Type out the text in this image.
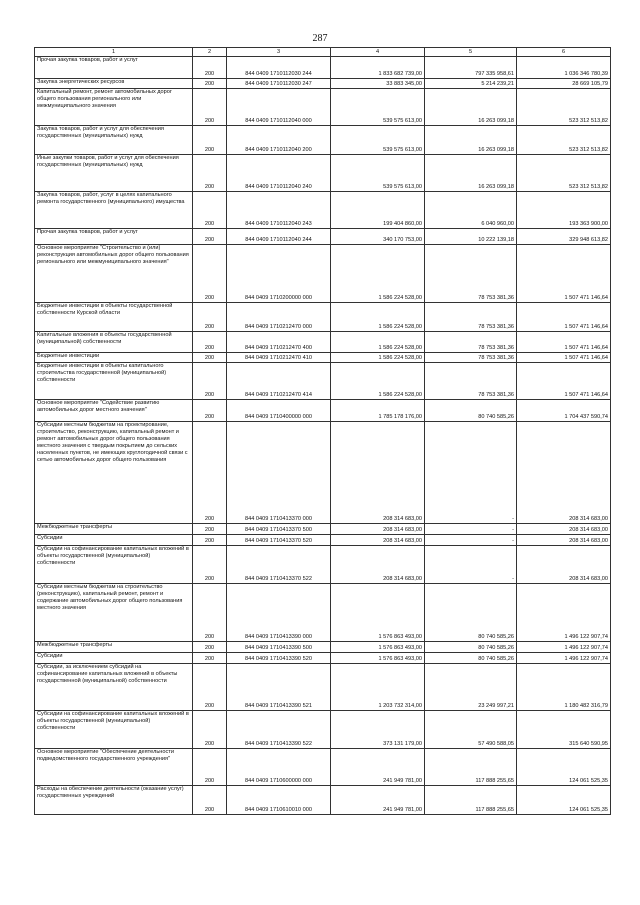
287
1	2	3	4	5	6
Прочая закупка товаров, работ и услуг	200	844 0409 1710112030 244	1 833 682 739,00	797 335 958,61	1 036 346 780,39
Закупка энергетических ресурсов	200	844 0409 1710112030 247	33 883 345,00	5 214 239,21	28 669 105,79
Капитальный ремонт, ремонт автомобильных дорог общего пользования регионального или межмуниципального значения	200	844 0409 1710112040 000	539 575 613,00	16 263 099,18	523 312 513,82
Закупка товаров, работ и услуг для обеспечения государственных (муниципальных) нужд	200	844 0409 1710112040 200	539 575 613,00	16 263 099,18	523 312 513,82
Иные закупки товаров, работ и услуг для обеспечения государственных (муниципальных) нужд	200	844 0409 1710112040 240	539 575 613,00	16 263 099,18	523 312 513,82
Закупка товаров, работ, услуг в целях капитального ремонта государственного (муниципального) имущества	200	844 0409 1710112040 243	199 404 860,00	6 040 960,00	193 363 900,00
Прочая закупка товаров, работ и услуг	200	844 0409 1710112040 244	340 170 753,00	10 222 139,18	329 948 613,82
Основное мероприятие "Строительство и (или) реконструкция автомобильных дорог общего пользования регионального или межмуниципального значения"	200	844 0409 1710200000 000	1 586 224 528,00	78 753 381,36	1 507 471 146,64
Бюджетные инвестиции в объекты государственной собственности Курской области	200	844 0409 1710212470 000	1 586 224 528,00	78 753 381,36	1 507 471 146,64
Капитальные вложения в объекты государственной (муниципальной) собственности	200	844 0409 1710212470 400	1 586 224 528,00	78 753 381,36	1 507 471 146,64
Бюджетные инвестиции	200	844 0409 1710212470 410	1 586 224 528,00	78 753 381,36	1 507 471 146,64
Бюджетные инвестиции в объекты капитального строительства государственной (муниципальной) собственности	200	844 0409 1710212470 414	1 586 224 528,00	78 753 381,36	1 507 471 146,64
Основное мероприятие "Содействие развитию автомобильных дорог местного значения"	200	844 0409 1710400000 000	1 785 178 176,00	80 740 585,26	1 704 437 590,74
Субсидии местным бюджетам на проектирование, строительство, реконструкцию, капитальный ремонт и ремонт автомобильных дорог общего пользования местного значения с твердым покрытием до сельских населенных пунктов, не имеющих круглогодичной связи с сетью автомобильных дорог общего пользования	200	844 0409 1710413370 000	208 314 683,00	-	208 314 683,00
Межбюджетные трансферты	200	844 0409 1710413370 500	208 314 683,00	-	208 314 683,00
Субсидии	200	844 0409 1710413370 520	208 314 683,00	-	208 314 683,00
Субсидии на софинансирование капитальных вложений в объекты государственной (муниципальной) собственности	200	844 0409 1710413370 522	208 314 683,00	-	208 314 683,00
Субсидии местным бюджетам на строительство (реконструкцию), капитальный ремонт, ремонт и содержание автомобильных дорог общего пользования местного значения	200	844 0409 1710413390 000	1 576 863 493,00	80 740 585,26	1 496 122 907,74
Межбюджетные трансферты	200	844 0409 1710413390 500	1 576 863 493,00	80 740 585,26	1 496 122 907,74
Субсидии	200	844 0409 1710413390 520	1 576 863 493,00	80 740 585,26	1 496 122 907,74
Субсидии, за исключением субсидий на софинансирование капитальных вложений в объекты государственной (муниципальной) собственности	200	844 0409 1710413390 521	1 203 732 314,00	23 249 997,21	1 180 482 316,79
Субсидии на софинансирование капитальных вложений в объекты государственной (муниципальной) собственности	200	844 0409 1710413390 522	373 131 179,00	57 490 588,05	315 640 590,95
Основное мероприятие "Обеспечение деятельности подведомственного государственного учреждения"	200	844 0409 1710600000 000	241 949 781,00	117 888 255,65	124 061 525,35
Расходы на обеспечение деятельности (оказание услуг) государственных учреждений	200	844 0409 1710610010 000	241 949 781,00	117 888 255,65	124 061 525,35
